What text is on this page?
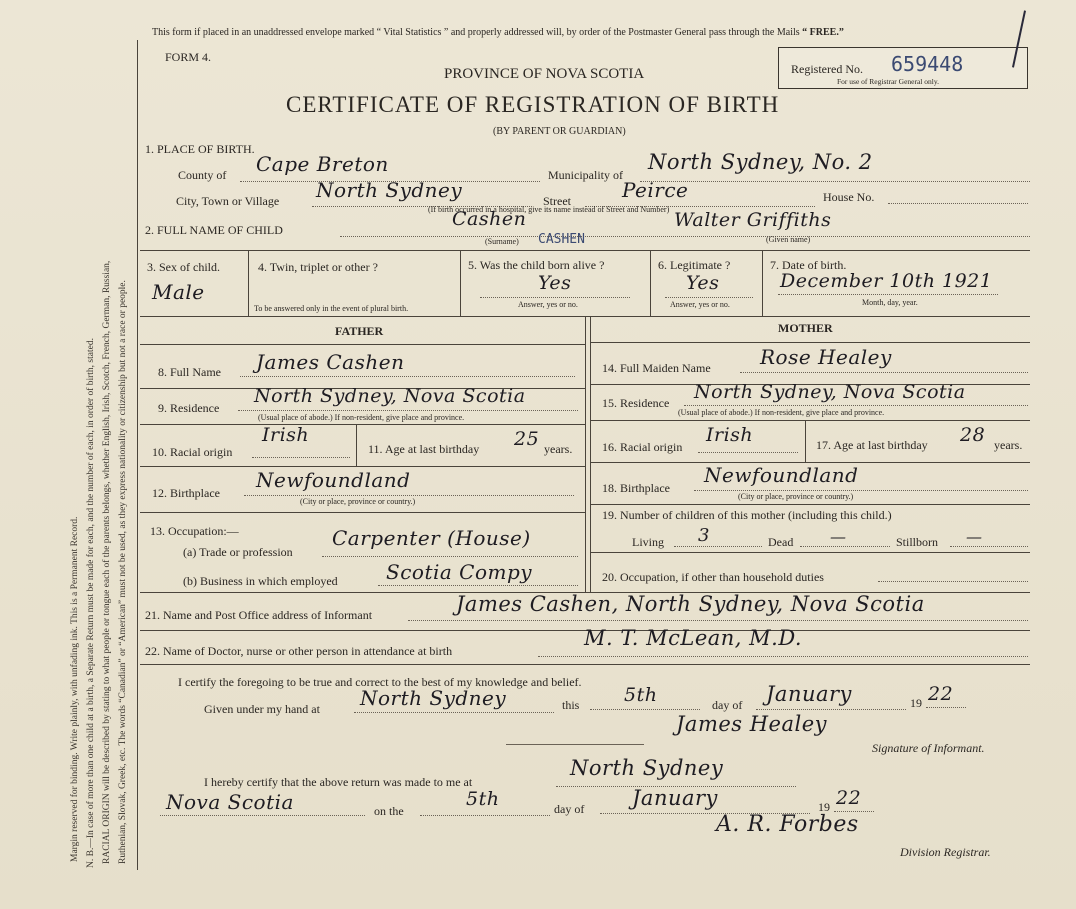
Margin reserved for binding. Write plainly, with unfading ink. This is a Permanent Record. N. B.—In case of more than one child at a birth, a Separate Return must be made for each, and the number of each, in order of birth, stated. RACIAL ORIGIN will be described by stating to what people or tongue each of the parents belongs, whether English, Irish, Scotch, French, German, Russian, Ruthenian, Slovak, Greek, etc. The words “Canadian” or “American” must not be used, as they express nationality or citizenship but not a race or people.
This form if placed in an unaddressed envelope marked “ Vital Statistics ” and properly addressed will, by order of the Postmaster General pass through the Mails “ FREE.”
FORM 4.
PROVINCE OF NOVA SCOTIA
CERTIFICATE OF REGISTRATION OF BIRTH
(BY PARENT OR GUARDIAN)
Registered No. 659448
For use of Registrar General only.
1. PLACE OF BIRTH.
County of Cape Breton	Municipality of
North Sydney, No. 2
City, Town or Village North Sydney	Street	Peirce	House No.
(If birth occurred in a hospital, give its name instead of Street and Number)
2. FULL NAME OF CHILD	Cashen
CASHEN
(Surname)
Walter Griffiths
(Given name)
3. Sex of child.
Male
4. Twin, triplet or other ?
To be answered only in the event of plural birth.
5. Was the child born alive ?
Yes
Answer, yes or no.
6. Legitimate ?
Yes
Answer, yes or no.
7. Date of birth.
December 10th 1921
Month, day, year.
FATHER	MOTHER
8. Full Name James Cashen
9. Residence
North Sydney, Nova Scotia
(Usual place of abode.) If non-resident, give place and province.
10. Racial origin
Irish
11. Age at last birthday 25 years.
12. Birthplace
Newfoundland
(City or place, province or country.)
13. Occupation:—
(a) Trade or profession
Carpenter (House)
(b) Business in which employed Scotia Compy
14. Full Maiden Name Rose Healey
15. Residence North Sydney, Nova Scotia
(Usual place of abode.) If non-resident, give place and province.
16. Racial origin
Irish	17. Age at last birthday 28 years.
18. Birthplace
Newfoundland
(City or place, province or country.)
19. Number of children of this mother (including this child.)
Living 3	Dead —	Stillborn —
20. Occupation, if other than household duties
21. Name and Post Office address of Informant	James Cashen, North Sydney, Nova Scotia
22. Name of Doctor, nurse or other person in attendance at birth
M. T. McLean, M.D.
I certify the foregoing to be true and correct to the best of my knowledge and belief.
Given under my hand at North Sydney	this 5th	day of January	19 22
James Healey
Signature of Informant.
I hereby certify that the above return was made to me at
North Sydney
Nova Scotia	on the
5th	day of January	19 22
A. R. Forbes
Division Registrar.
